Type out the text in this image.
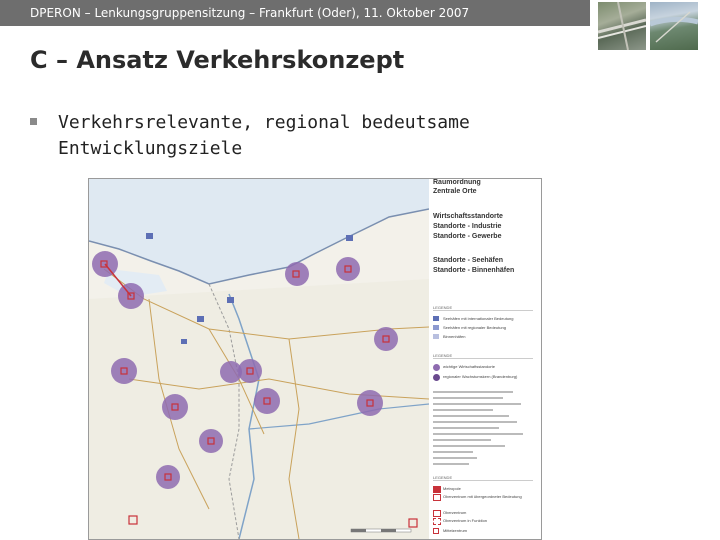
DPERON – Lenkungsgruppensitzung – Frankfurt (Oder), 11. Oktober 2007
C – Ansatz Verkehrskonzept
Verkehrsrelevante, regional bedeutsame Entwicklungsziele
Raumordnung
Zentrale Orte
Wirtschaftsstandorte
Standorte - Industrie
Standorte - Gewerbe
Standorte - Seehäfen
Standorte - Binnenhäfen
LEGENDE
Seehäfen mit internationaler Bedeutung
Seehäfen mit regionaler Bedeutung
Binnenhäfen
LEGENDE
wichtige Wirtschaftsstandorte
regionaler Wachstumskern (Brandenburg)
LEGENDE
Metropole
Oberzentrum mit übergeordneter Bedeutung
Oberzentrum
Oberzentrum in Funktion
Mittelzentrum
